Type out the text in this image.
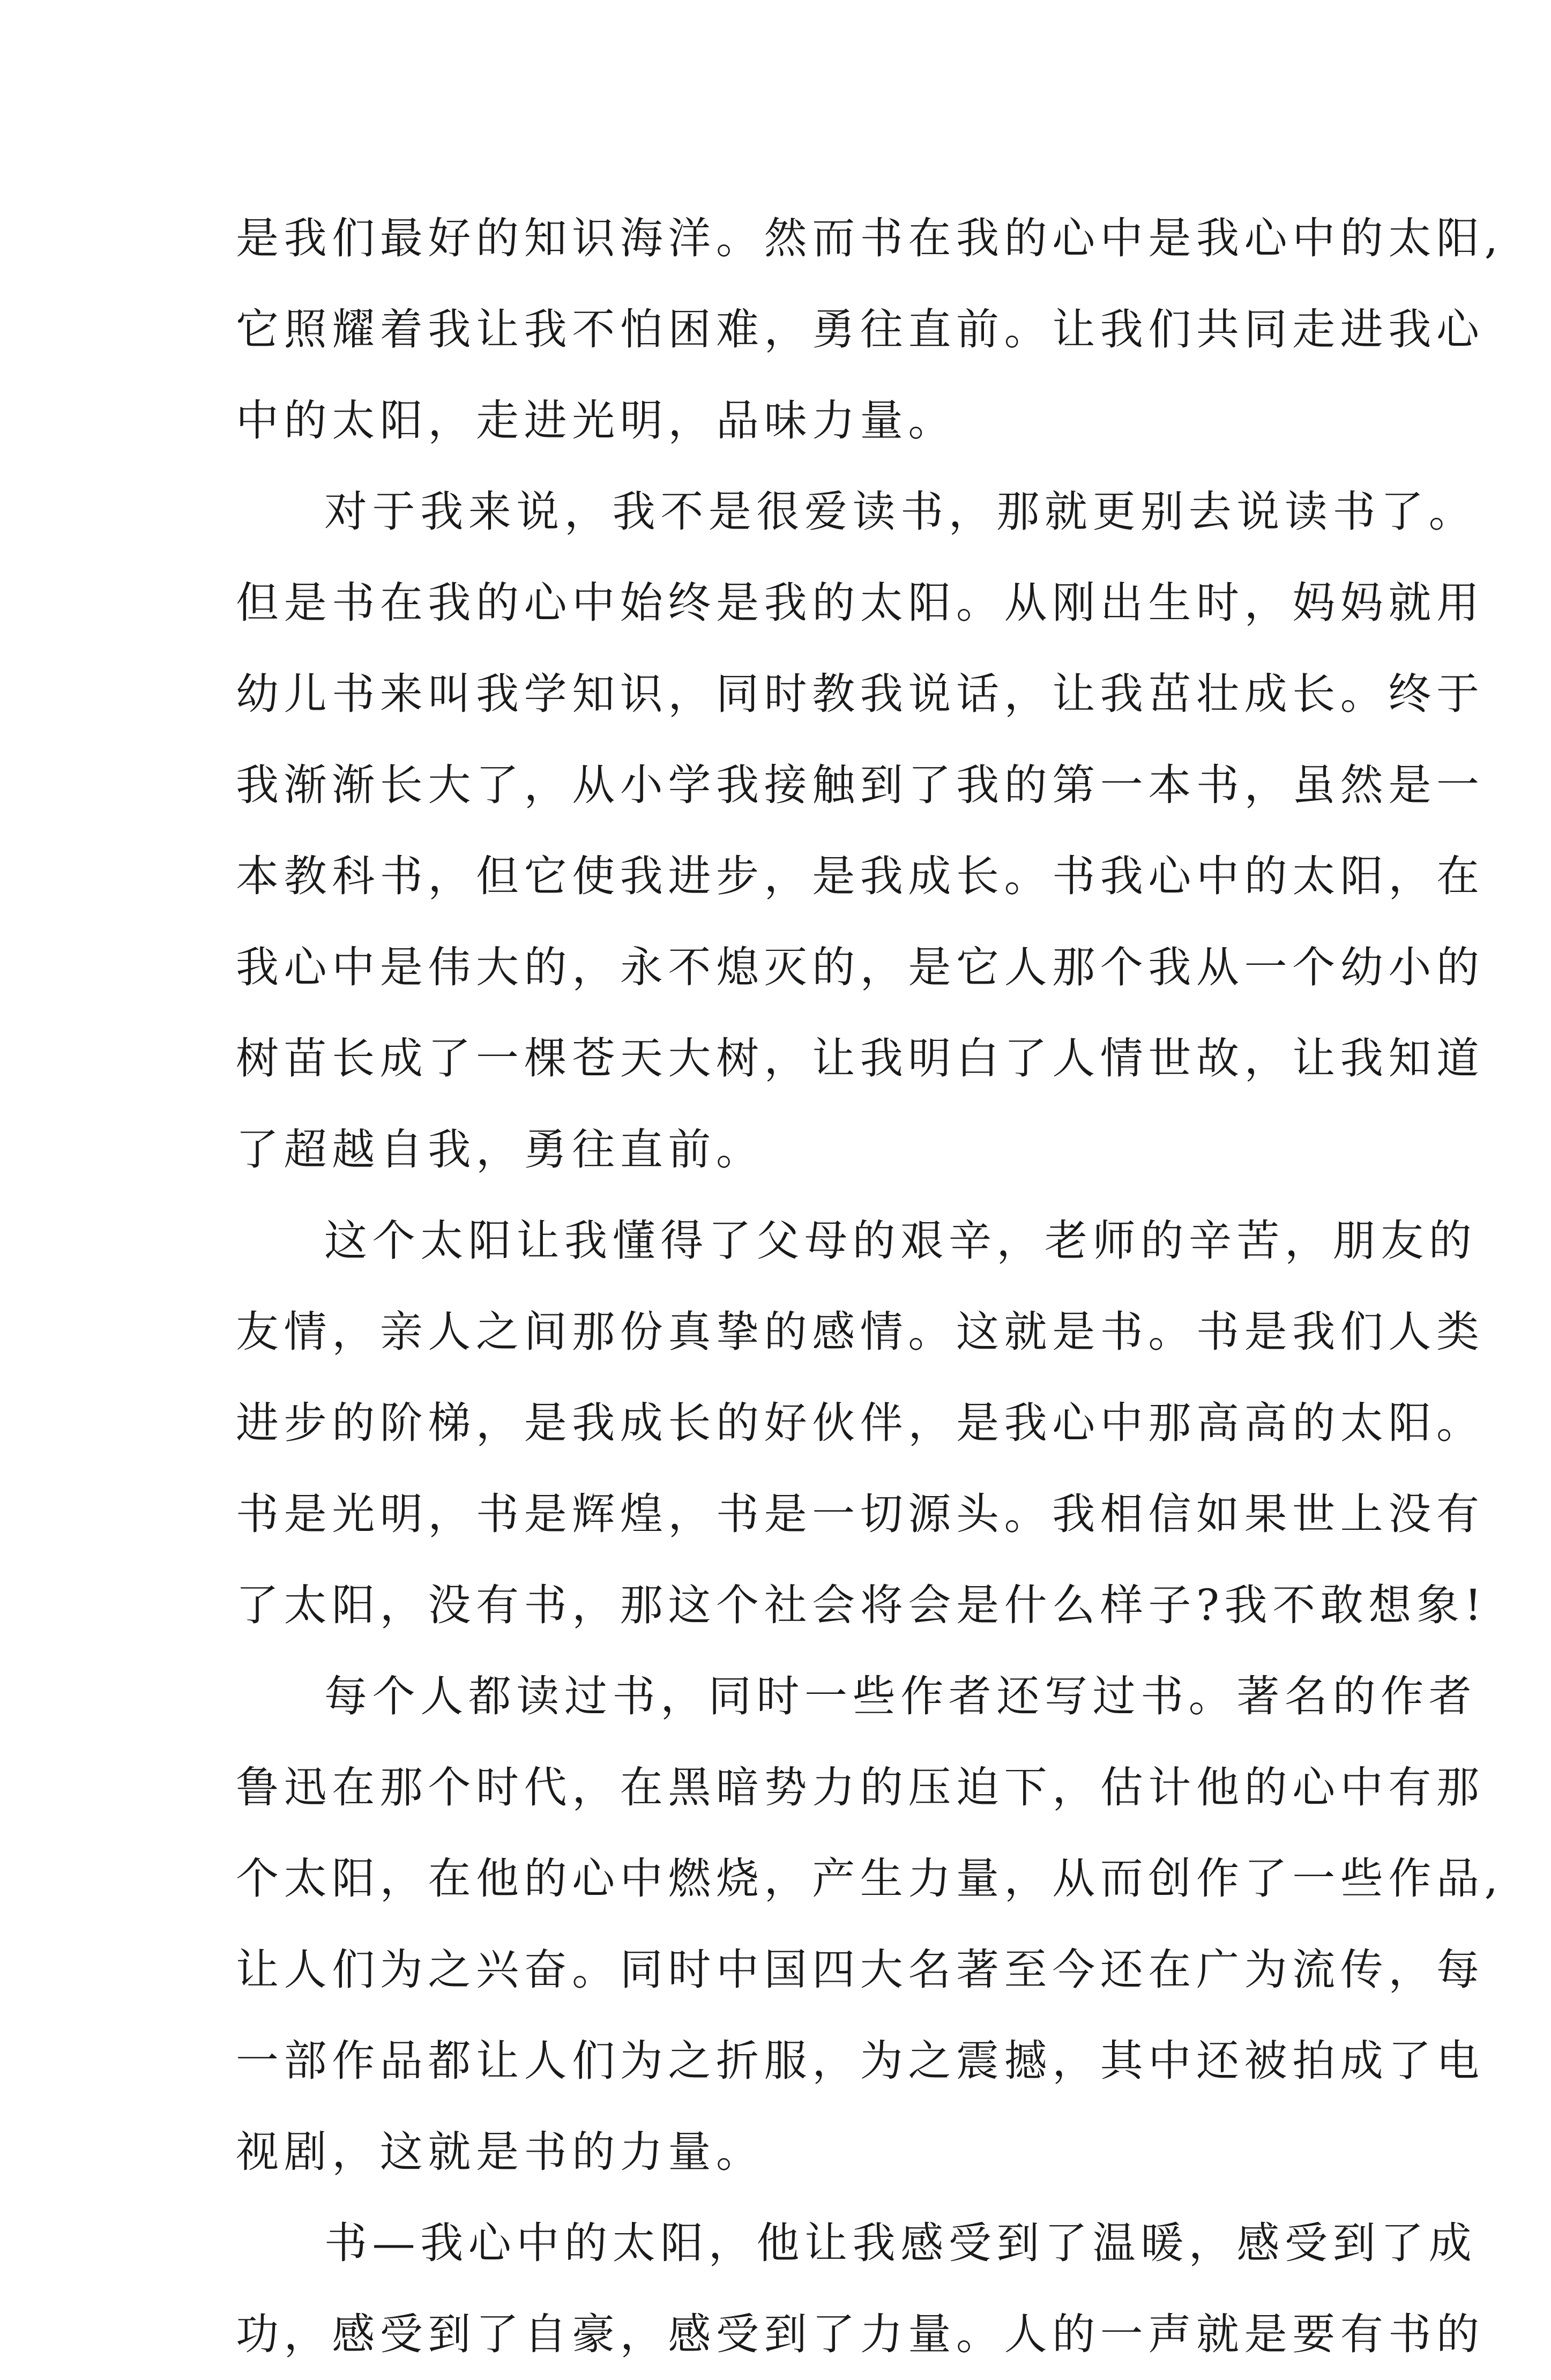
是我们最好的知识海洋。然而书在我的心中是我心中的太阳,
它照耀着我让我不怕困难，勇往直前。让我们共同走进我心
中的太阳，走进光明，品味力量。
对于我来说，我不是很爱读书，那就更别去说读书了。
但是书在我的心中始终是我的太阳。从刚出生时，妈妈就用
幼儿书来叫我学知识，同时教我说话，让我茁壮成长。终于
我渐渐长大了，从小学我接触到了我的第一本书，虽然是一
本教科书，但它使我进步，是我成长。书我心中的太阳，在
我心中是伟大的，永不熄灭的，是它人那个我从一个幼小的
树苗长成了一棵苍天大树，让我明白了人情世故，让我知道
了超越自我，勇往直前。
这个太阳让我懂得了父母的艰辛，老师的辛苦，朋友的
友情，亲人之间那份真挚的感情。这就是书。书是我们人类
进步的阶梯，是我成长的好伙伴，是我心中那高高的太阳。
书是光明，书是辉煌，书是一切源头。我相信如果世上没有
了太阳，没有书，那这个社会将会是什么样子?我不敢想象!
每个人都读过书，同时一些作者还写过书。著名的作者
鲁迅在那个时代，在黑暗势力的压迫下，估计他的心中有那
个太阳，在他的心中燃烧，产生力量，从而创作了一些作品,
让人们为之兴奋。同时中国四大名著至今还在广为流传，每
一部作品都让人们为之折服，为之震撼，其中还被拍成了电
视剧，这就是书的力量。
书—我心中的太阳，他让我感受到了温暖，感受到了成
功，感受到了自豪，感受到了力量。人的一声就是要有书的
